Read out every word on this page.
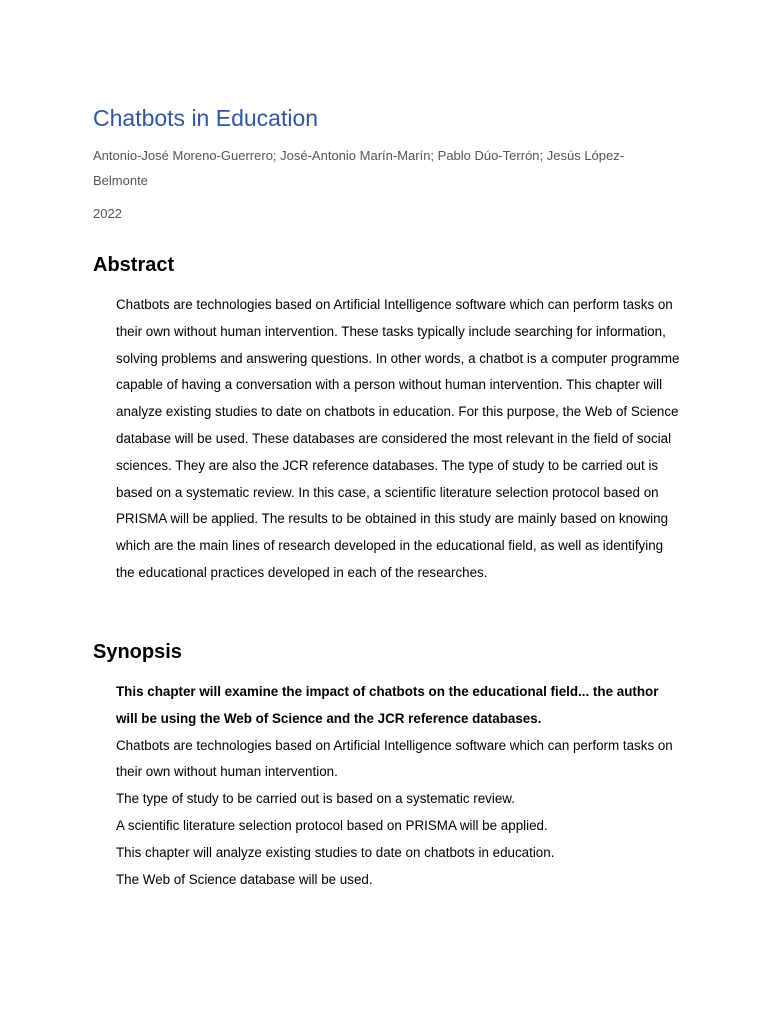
Chatbots in Education

Antonio-José Moreno-Guerrero; José-Antonio Marín-Marín; Pablo Dúo-Terrón; Jesús López-Belmonte

2022

Abstract

Chatbots are technologies based on Artificial Intelligence software which can perform tasks on their own without human intervention. These tasks typically include searching for information, solving problems and answering questions. In other words, a chatbot is a computer programme capable of having a conversation with a person without human intervention. This chapter will analyze existing studies to date on chatbots in education. For this purpose, the Web of Science database will be used. These databases are considered the most relevant in the field of social sciences. They are also the JCR reference databases. The type of study to be carried out is based on a systematic review. In this case, a scientific literature selection protocol based on PRISMA will be applied. The results to be obtained in this study are mainly based on knowing which are the main lines of research developed in the educational field, as well as identifying the educational practices developed in each of the researches.

Synopsis
This chapter will examine the impact of chatbots on the educational field... the author will be using the Web of Science and the JCR reference databases.
Chatbots are technologies based on Artificial Intelligence software which can perform tasks on their own without human intervention.
The type of study to be carried out is based on a systematic review.
A scientific literature selection protocol based on PRISMA will be applied.
This chapter will analyze existing studies to date on chatbots in education.
The Web of Science database will be used.
